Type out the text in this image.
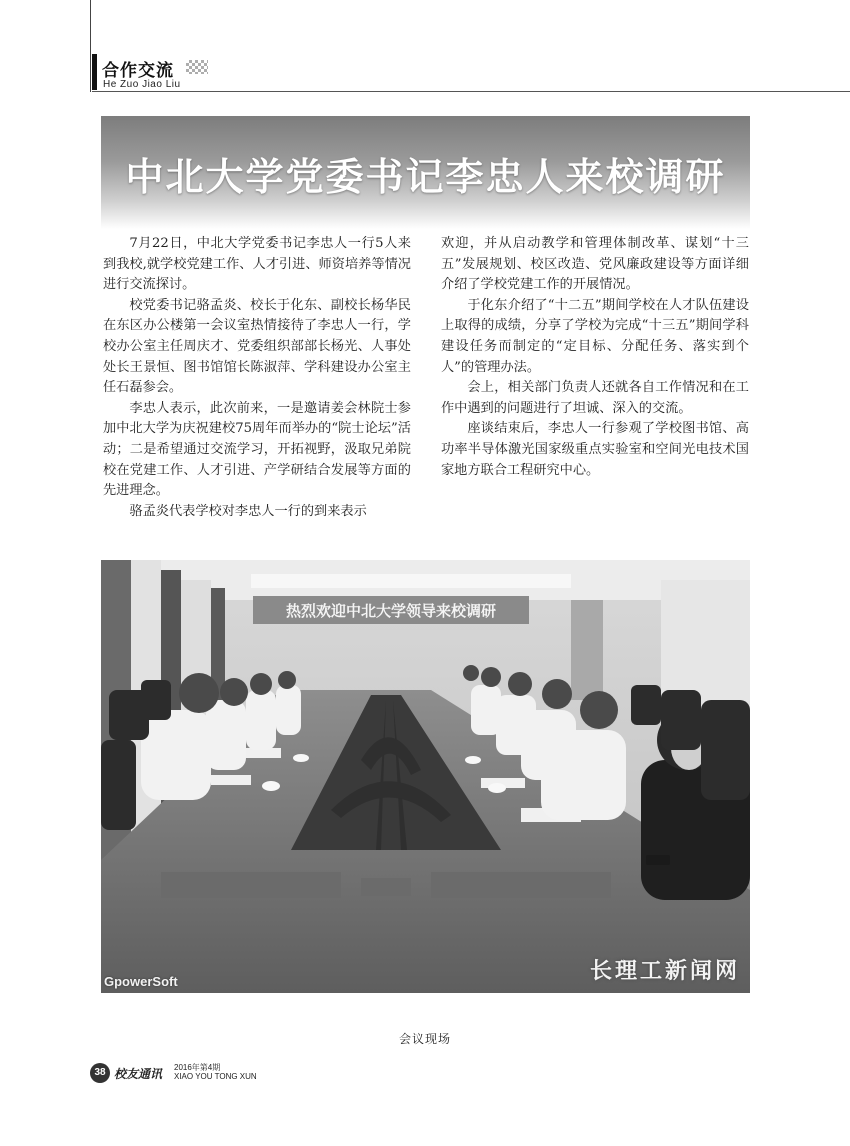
合作交流
He Zuo Jiao Liu
中北大学党委书记李忠人来校调研

7月22日，中北大学党委书记李忠人一行5人来到我校,就学校党建工作、人才引进、师资培养等情况进行交流探讨。

校党委书记骆孟炎、校长于化东、副校长杨华民在东区办公楼第一会议室热情接待了李忠人一行，学校办公室主任周庆才、党委组织部部长杨光、人事处处长王景恒、图书馆馆长陈淑萍、学科建设办公室主任石磊参会。

李忠人表示，此次前来，一是邀请姜会林院士参加中北大学为庆祝建校75周年而举办的“院士论坛”活动；二是希望通过交流学习，开拓视野，汲取兄弟院校在党建工作、人才引进、产学研结合发展等方面的先进理念。

骆孟炎代表学校对李忠人一行的到来表示

欢迎，并从启动教学和管理体制改革、谋划“十三五”发展规划、校区改造、党风廉政建设等方面详细介绍了学校党建工作的开展情况。

于化东介绍了“十二五”期间学校在人才队伍建设上取得的成绩，分享了学校为完成“十三五”期间学科建设任务而制定的“定目标、分配任务、落实到个人”的管理办法。

会上，相关部门负责人还就各自工作情况和在工作中遇到的问题进行了坦诚、深入的交流。

座谈结束后，李忠人一行参观了学校图书馆、高功率半导体激光国家级重点实验室和空间光电技术国家地方联合工程研究中心。

热烈欢迎中北大学领导来校调研
GpowerSoft	长理工新闻网
会议现场
38 校友通讯 2016年第4期
XIAO YOU TONG XUN
